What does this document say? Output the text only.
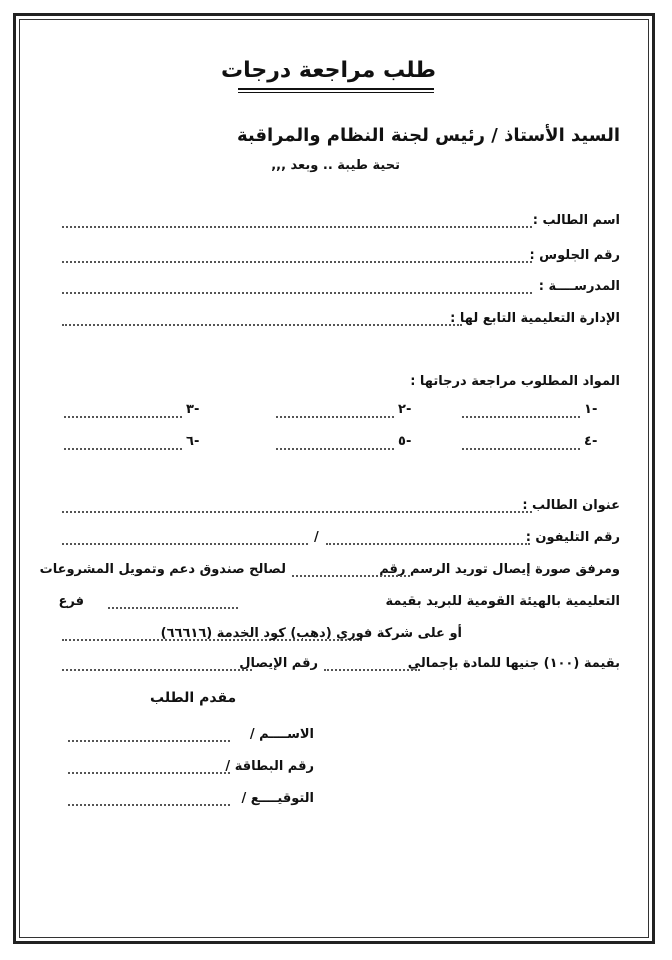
طلب مراجعة درجات
السيد الأستاذ / رئيس لجنة النظام والمراقبة
تحية طيبة .. وبعد ,,,
اسم الطالب :
رقم الجلوس :
المدرســــة :
الإدارة التعليمية التابع لها :
المواد المطلوب مراجعة درجاتها :
١-
٢-
٣-
٤-
٥-
٦-
عنوان الطالب :
رقم التليفون :
/
ومرفق صورة إيصال توريد الرسم رقم
لصالح صندوق دعم وتمويل المشروعات
التعليمية بالهيئة القومية للبريد بقيمة
فرع
أو على شركة فوري (دهب) كود الخدمة (٦٦٦١٦)
بقيمة (١٠٠) جنيها للمادة بإجمالي
رقم الإيصال
مقدم الطلب
الاســــم /
رقم البطاقة /
التوقيــــع /
